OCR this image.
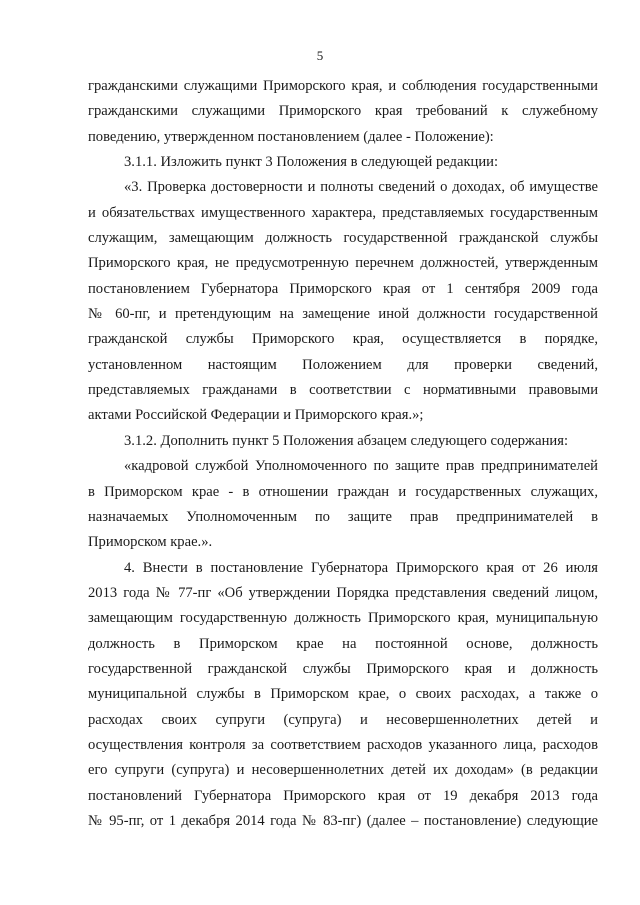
5
гражданскими служащими Приморского края, и соблюдения государственными
гражданскими служащими Приморского края требований к служебному
поведению, утвержденном постановлением (далее - Положение):
3.1.1. Изложить пункт 3 Положения в следующей редакции:
«3. Проверка достоверности и полноты сведений о доходах, об имуществе
и обязательствах имущественного характера, представляемых государственным
служащим, замещающим должность государственной гражданской службы
Приморского края, не предусмотренную перечнем должностей, утвержденным
постановлением Губернатора Приморского края от 1 сентября 2009 года
№ 60-пг, и претендующим на замещение иной должности государственной
гражданской службы Приморского края, осуществляется в порядке,
установленном настоящим Положением для проверки сведений,
представляемых гражданами в соответствии с нормативными правовыми
актами Российской Федерации и Приморского края.»;
3.1.2. Дополнить пункт 5 Положения абзацем следующего содержания:
«кадровой службой Уполномоченного по защите прав предпринимателей
в Приморском крае - в отношении граждан и государственных служащих,
назначаемых Уполномоченным по защите прав предпринимателей в
Приморском крае.».
4. Внести в постановление Губернатора Приморского края от 26 июля
2013 года № 77-пг «Об утверждении Порядка представления сведений лицом,
замещающим государственную должность Приморского края, муниципальную
должность в Приморском крае на постоянной основе, должность
государственной гражданской службы Приморского края и должность
муниципальной службы в Приморском крае, о своих расходах, а также о
расходах своих супруги (супруга) и несовершеннолетних детей и
осуществления контроля за соответствием расходов указанного лица, расходов
его супруги (супруга) и несовершеннолетних детей их доходам» (в редакции
постановлений Губернатора Приморского края от 19 декабря 2013 года
№ 95-пг, от 1 декабря 2014 года № 83-пг) (далее – постановление) следующие
